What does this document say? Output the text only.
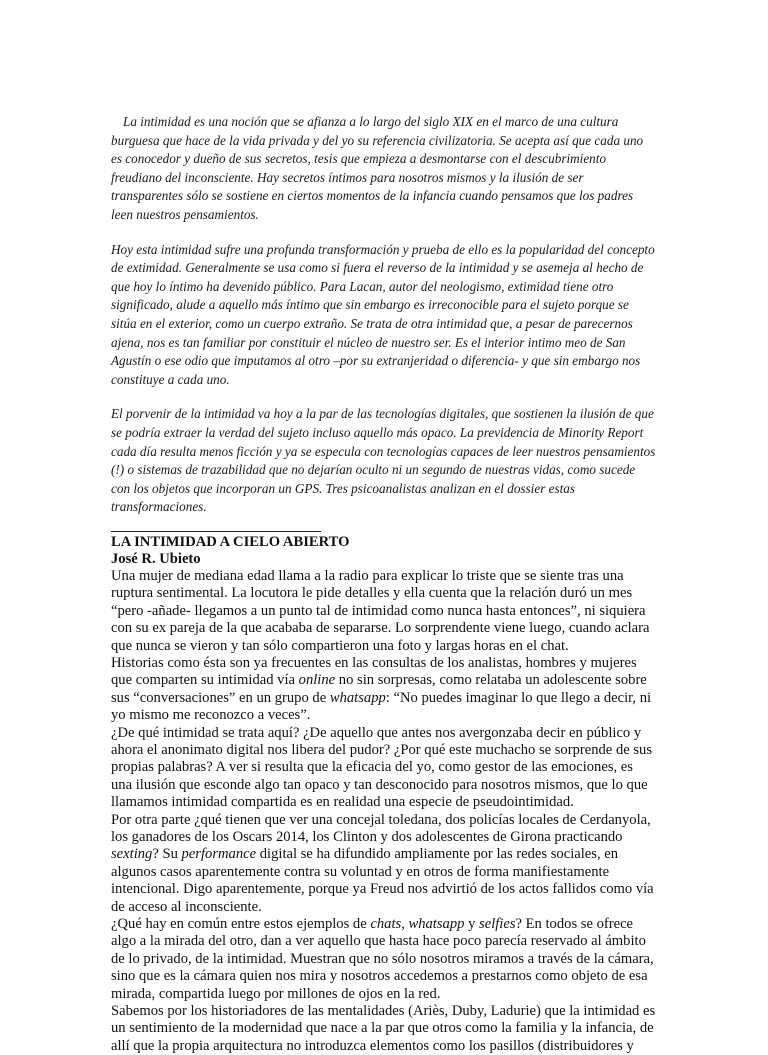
La intimidad es una noción que se afianza a lo largo del siglo XIX en el marco de una cultura burguesa que hace de la vida privada y del yo su referencia civilizatoria. Se acepta así que cada uno es conocedor y dueño de sus secretos, tesis que empieza a desmontarse con el descubrimiento freudiano del inconsciente. Hay secretos íntimos para nosotros mismos y la ilusión de ser transparentes sólo se sostiene en ciertos momentos de la infancia cuando pensamos que los padres leen nuestros pensamientos.

Hoy esta intimidad sufre una profunda transformación y prueba de ello es la popularidad del concepto de extimidad. Generalmente se usa como si fuera el reverso de la intimidad y se asemeja al hecho de que hoy lo íntimo ha devenido público. Para Lacan, autor del neologismo, extimidad tiene otro significado, alude a aquello más íntimo que sin embargo es irreconocible para el sujeto porque se sitúa en el exterior, como un cuerpo extraño. Se trata de otra intimidad que, a pesar de parecernos ajena, nos es tan familiar por constituir el núcleo de nuestro ser. Es el interior intimo meo de San Agustín o ese odio que imputamos al otro –por su extranjeridad o diferencia- y que sin embargo nos constituye a cada uno.

El porvenir de la intimidad va hoy a la par de las tecnologías digitales, que sostienen la ilusión de que se podría extraer la verdad del sujeto incluso aquello más opaco. La previdencia de Minority Report cada día resulta menos ficción y ya se especula con tecnologías capaces de leer nuestros pensamientos (!) o sistemas de trazabilidad que no dejarían oculto ni un segundo de nuestras vidas, como sucede con los objetos que incorporan un GPS. Tres psicoanalistas analizan en el dossier estas transformaciones.

LA INTIMIDAD A CIELO ABIERTO
José R. Ubieto

Una mujer de mediana edad llama a la radio para explicar lo triste que se siente tras una ruptura sentimental. La locutora le pide detalles y ella cuenta que la relación duró un mes “pero -añade- llegamos a un punto tal de intimidad como nunca hasta entonces”, ni siquiera con su ex pareja de la que acababa de separarse. Lo sorprendente viene luego, cuando aclara que nunca se vieron y tan sólo compartieron una foto y largas horas en el chat.

Historias como ésta son ya frecuentes en las consultas de los analistas, hombres y mujeres que comparten su intimidad vía online no sin sorpresas, como relataba un adolescente sobre sus “conversaciones” en un grupo de whatsapp: “No puedes imaginar lo que llego a decir, ni yo mismo me reconozco a veces”.

¿De qué intimidad se trata aquí? ¿De aquello que antes nos avergonzaba decir en público y ahora el anonimato digital nos libera del pudor? ¿Por qué este muchacho se sorprende de sus propias palabras? A ver si resulta que la eficacia del yo, como gestor de las emociones, es una ilusión que esconde algo tan opaco y tan desconocido para nosotros mismos, que lo que llamamos intimidad compartida es en realidad una especie de pseudointimidad.

Por otra parte ¿qué tienen que ver una concejal toledana, dos policías locales de Cerdanyola, los ganadores de los Oscars 2014, los Clinton y dos adolescentes de Girona practicando sexting? Su performance digital se ha difundido ampliamente por las redes sociales, en algunos casos aparentemente contra su voluntad y en otros de forma manifiestamente intencional. Digo aparentemente, porque ya Freud nos advirtió de los actos fallidos como vía de acceso al inconsciente.

¿Qué hay en común entre estos ejemplos de chats, whatsapp y selfies? En todos se ofrece algo a la mirada del otro, dan a ver aquello que hasta hace poco parecía reservado al ámbito de lo privado, de la intimidad. Muestran que no sólo nosotros miramos a través de la cámara, sino que es la cámara quien nos mira y nosotros accedemos a prestarnos como objeto de esa mirada, compartida luego por millones de ojos en la red.

Sabemos por los historiadores de las mentalidades (Ariès, Duby, Ladurie) que la intimidad es un sentimiento de la modernidad que nace a la par que otros como la familia y la infancia, de allí que la propia arquitectura no introduzca elementos como los pasillos (distribuidores y
